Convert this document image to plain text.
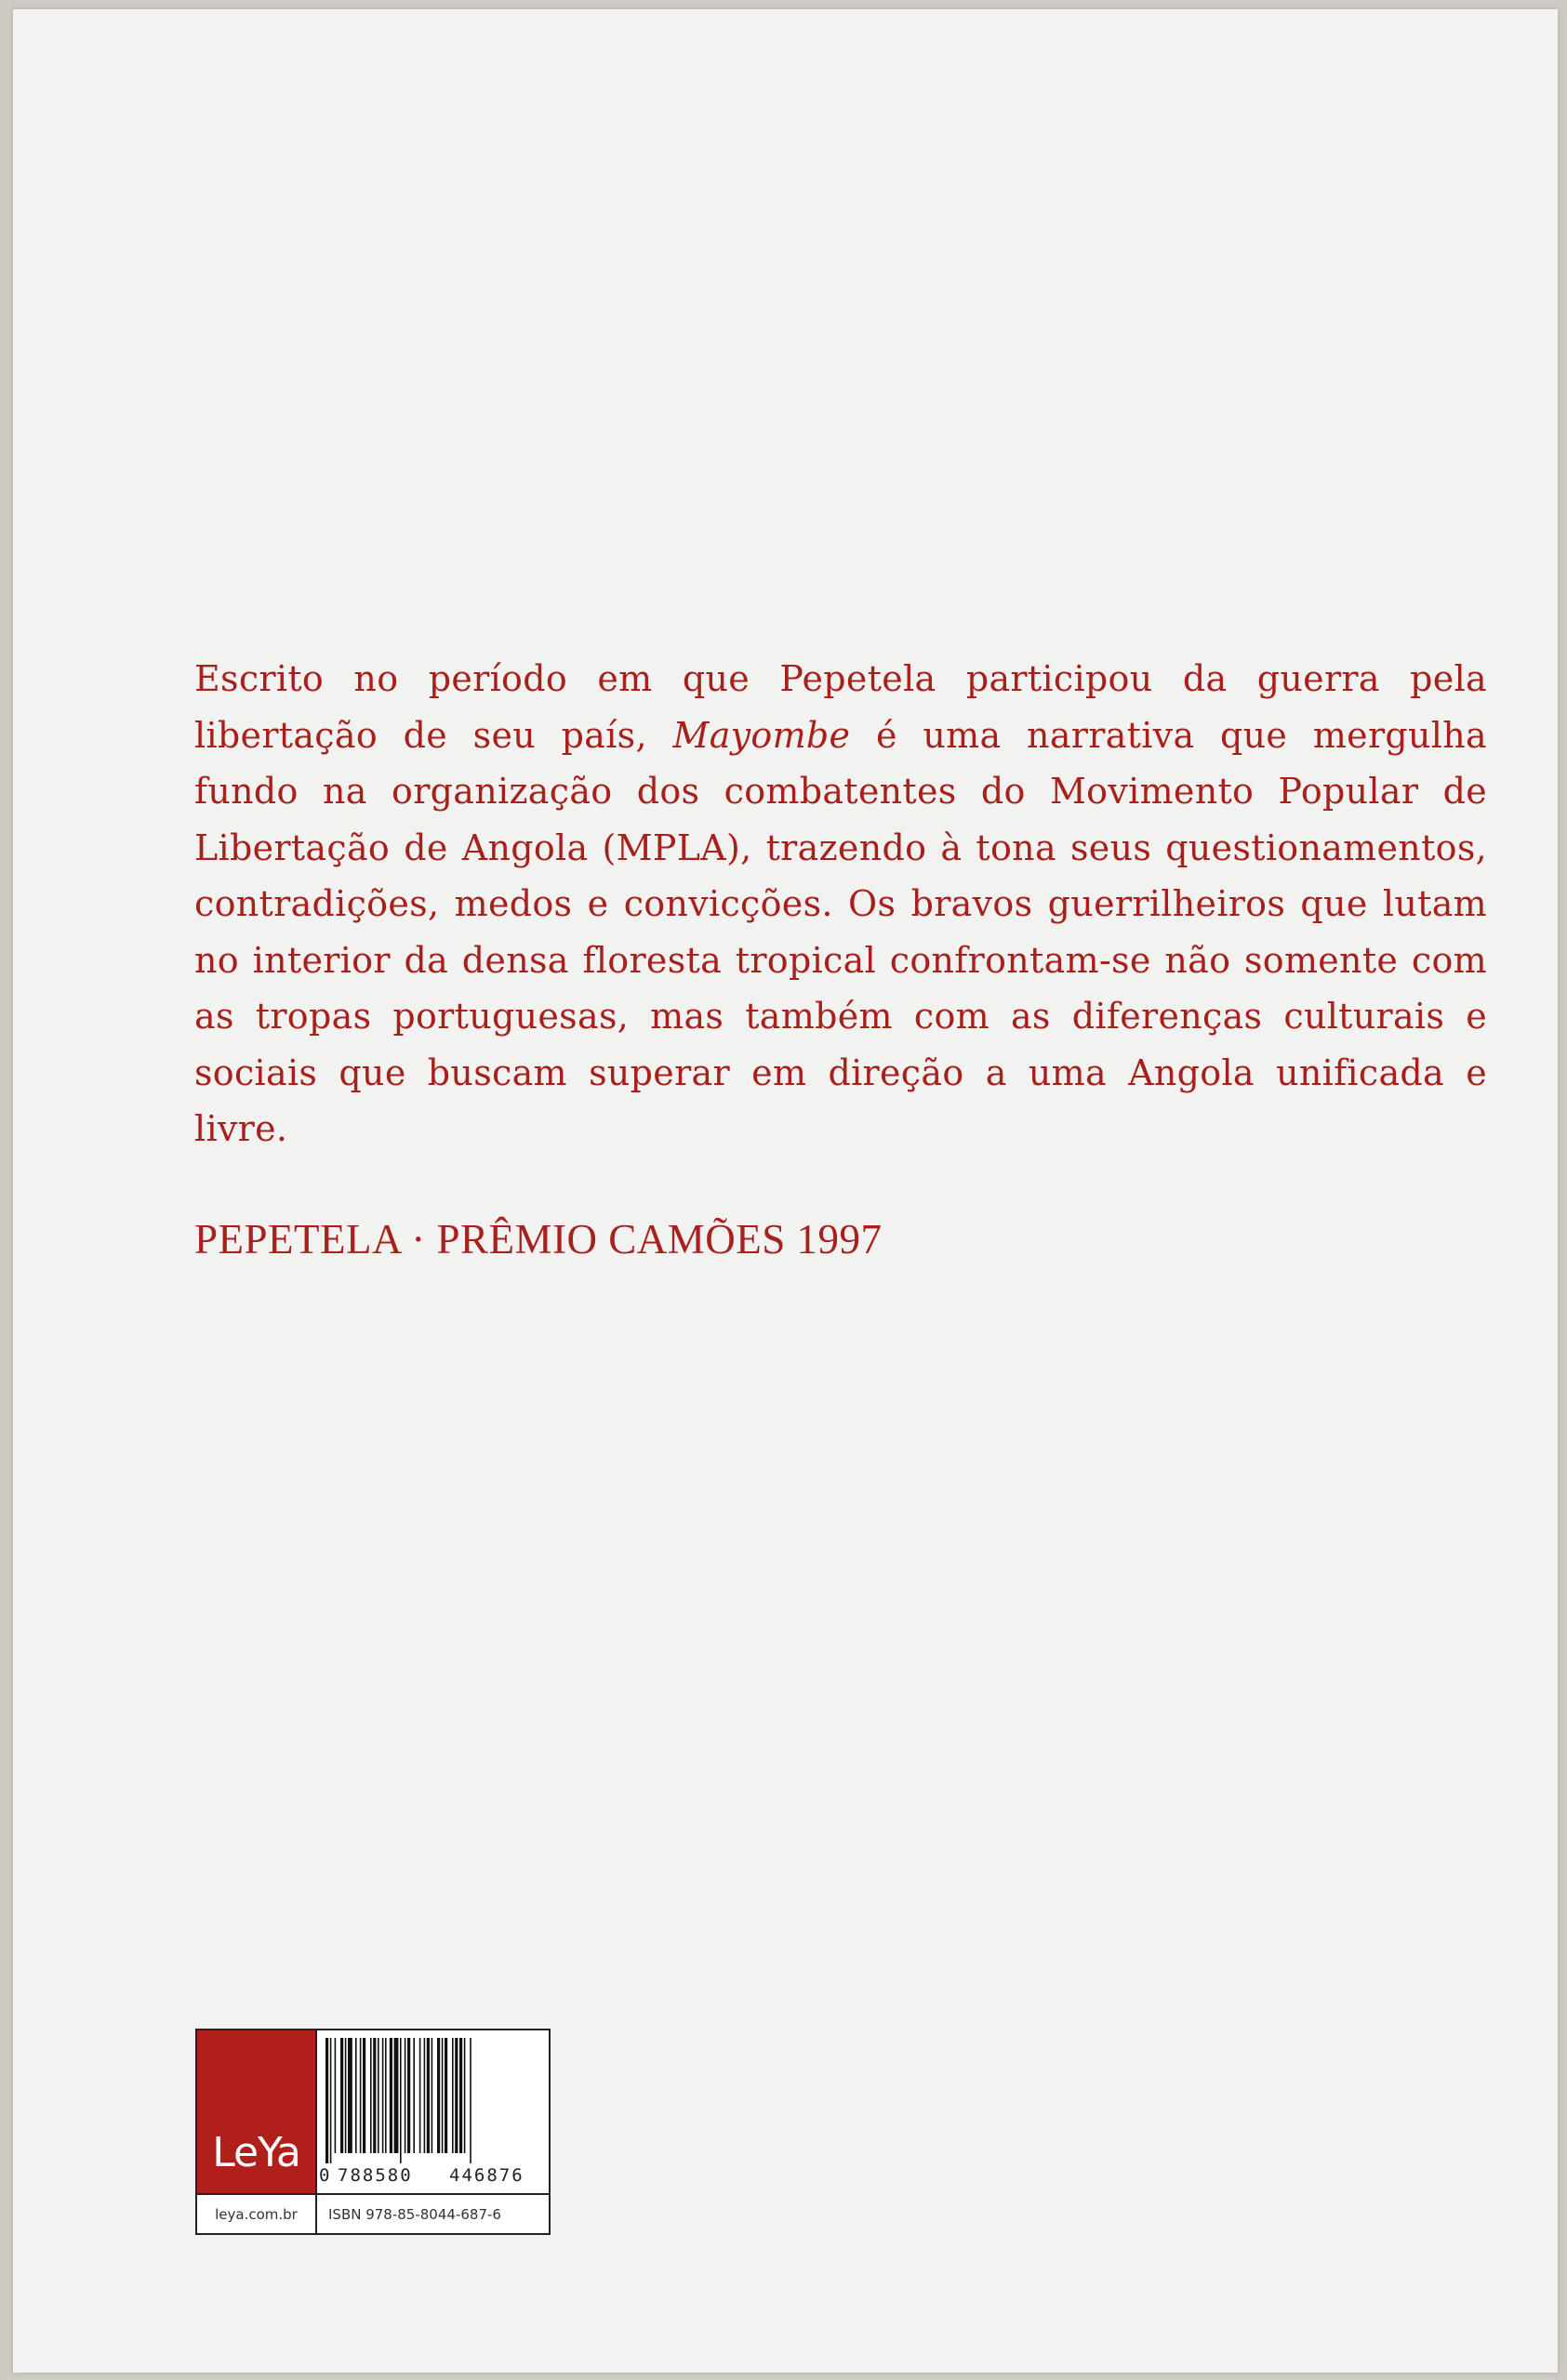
Escrito no período em que Pepetela participou da guerra pela libertação de seu país, Mayombe é uma narrativa que mergulha fundo na organização dos combatentes do Movimento Popular de Libertação de Angola (MPLA), trazendo à tona seus questionamentos, contradições, medos e convicções. Os bravos guerrilheiros que lutam no interior da densa floresta tropical confrontam-se não somente com as tropas portuguesas, mas também com as diferenças culturais e sociais que buscam superar em direção a uma Angola unificada e livre.

PEPETELA · PRÊMIO CAMÕES 1997

LeYa
leya.com.br
0 788580 446876
ISBN 978-85-8044-687-6
